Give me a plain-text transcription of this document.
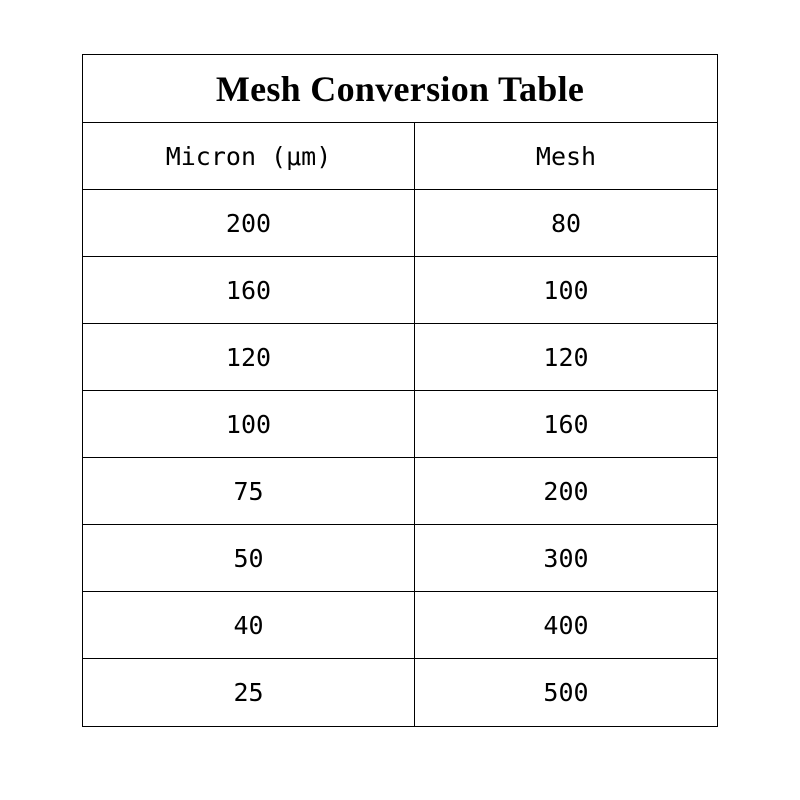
Mesh Conversion Table
Micron (μm)	Mesh
200	80
160	100
120	120
100	160
75	200
50	300
40	400
25	500
